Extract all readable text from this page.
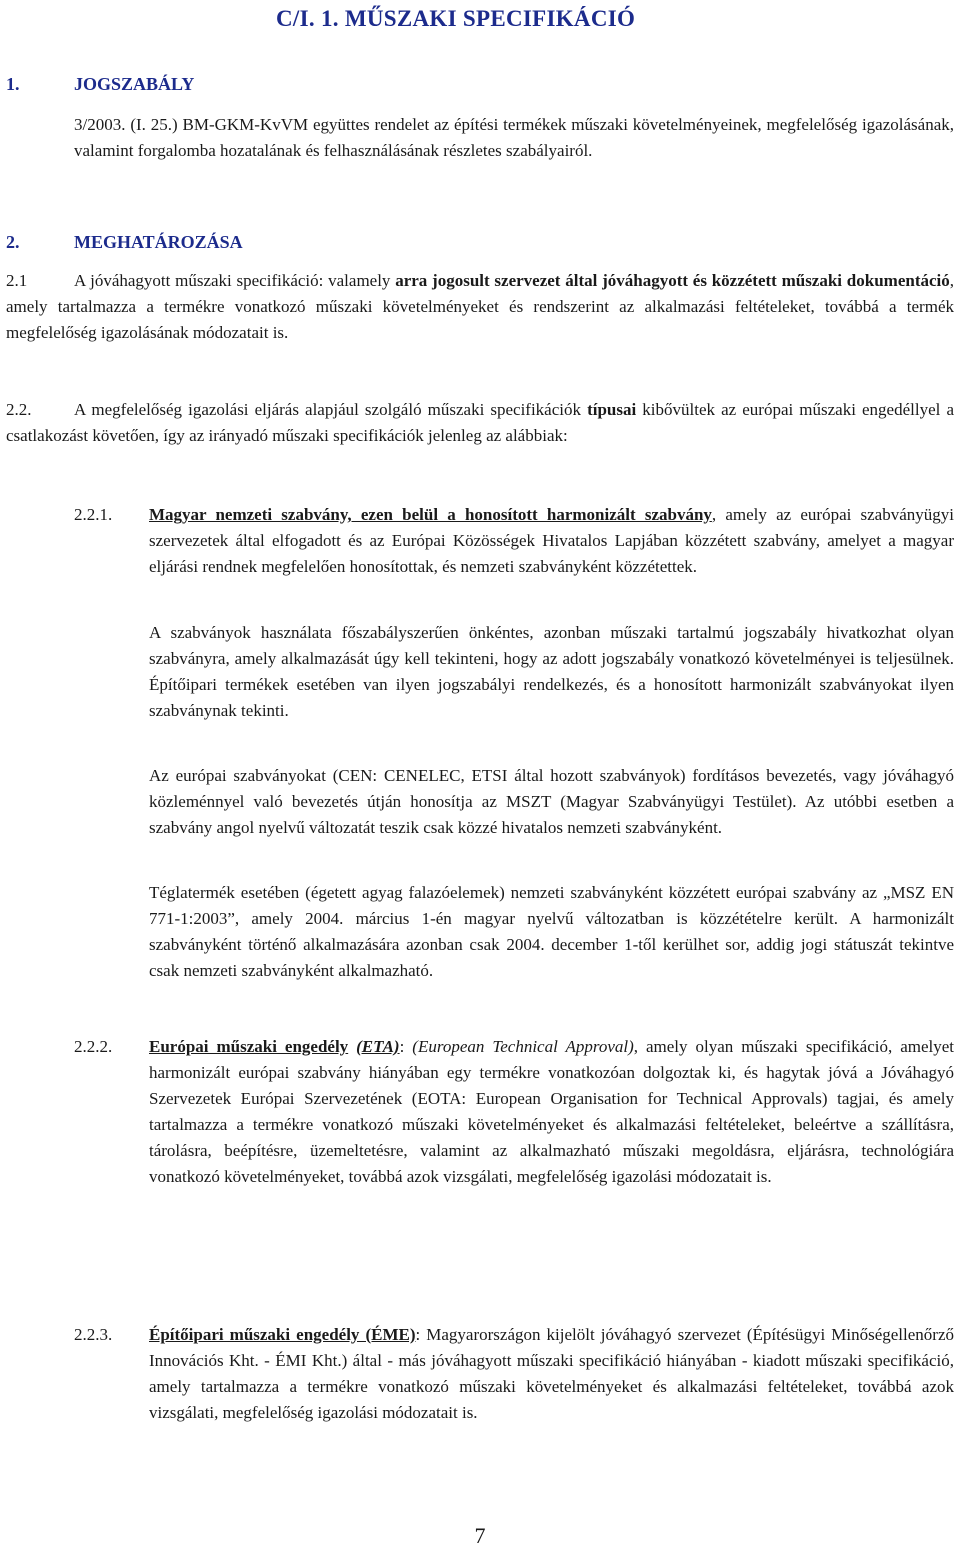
C/I. 1. MŰSZAKI SPECIFIKÁCIÓ
1.	JOGSZABÁLY

3/2003. (I. 25.) BM-GKM-KvVM együttes rendelet az építési termékek műszaki követelményeinek, megfelelőség igazolásának, valamint forgalomba hozatalának és felhasználásának részletes szabályairól.

2.	MEGHATÁROZÁSA

2.1	A jóváhagyott műszaki specifikáció: valamely arra jogosult szervezet által jóváhagyott és közzétett műszaki dokumentáció, amely tartalmazza a termékre vonatkozó műszaki követelményeket és rendszerint az alkalmazási feltételeket, továbbá a termék megfelelőség igazolásának módozatait is.

2.2.	A megfelelőség igazolási eljárás alapjául szolgáló műszaki specifikációk típusai kibővültek az európai műszaki engedéllyel a csatlakozást követően, így az irányadó műszaki specifikációk jelenleg az alábbiak:

2.2.1. Magyar nemzeti szabvány, ezen belül a honosított harmonizált szabvány, amely az európai szabványügyi szervezetek által elfogadott és az Európai Közösségek Hivatalos Lapjában közzétett szabvány, amelyet a magyar eljárási rendnek megfelelően honosítottak, és nemzeti szabványként közzétettek.

A szabványok használata főszabályszerűen önkéntes, azonban műszaki tartalmú jogszabály hivatkozhat olyan szabványra, amely alkalmazását úgy kell tekinteni, hogy az adott jogszabály vonatkozó követelményei is teljesülnek. Építőipari termékek esetében van ilyen jogszabályi rendelkezés, és a honosított harmonizált szabványokat ilyen szabványnak tekinti.

Az európai szabványokat (CEN: CENELEC, ETSI által hozott szabványok) fordításos bevezetés, vagy jóváhagyó közleménnyel való bevezetés útján honosítja az MSZT (Magyar Szabványügyi Testület). Az utóbbi esetben a szabvány angol nyelvű változatát teszik csak közzé hivatalos nemzeti szabványként.

Téglatermék esetében (égetett agyag falazóelemek) nemzeti szabványként közzétett európai szabvány az „MSZ EN 771-1:2003”, amely 2004. március 1-én magyar nyelvű változatban is közzétételre került. A harmonizált szabványként történő alkalmazására azonban csak 2004. december 1-től kerülhet sor, addig jogi státuszát tekintve csak nemzeti szabványként alkalmazható.

2.2.2. Európai műszaki engedély (ETA): (European Technical Approval), amely olyan műszaki specifikáció, amelyet harmonizált európai szabvány hiányában egy termékre vonatkozóan dolgoztak ki, és hagytak jóvá a Jóváhagyó Szervezetek Európai Szervezetének (EOTA: European Organisation for Technical Approvals) tagjai, és amely tartalmazza a termékre vonatkozó műszaki követelményeket és alkalmazási feltételeket, beleértve a szállításra, tárolásra, beépítésre, üzemeltetésre, valamint az alkalmazható műszaki megoldásra, eljárásra, technológiára vonatkozó követelményeket, továbbá azok vizsgálati, megfelelőség igazolási módozatait is.

2.2.3. Építőipari műszaki engedély (ÉME): Magyarországon kijelölt jóváhagyó szervezet (Építésügyi Minőségellenőrző Innovációs Kht. - ÉMI Kht.) által - más jóváhagyott műszaki specifikáció hiányában - kiadott műszaki specifikáció, amely tartalmazza a termékre vonatkozó műszaki követelményeket és alkalmazási feltételeket, továbbá azok vizsgálati, megfelelőség igazolási módozatait is.

7
